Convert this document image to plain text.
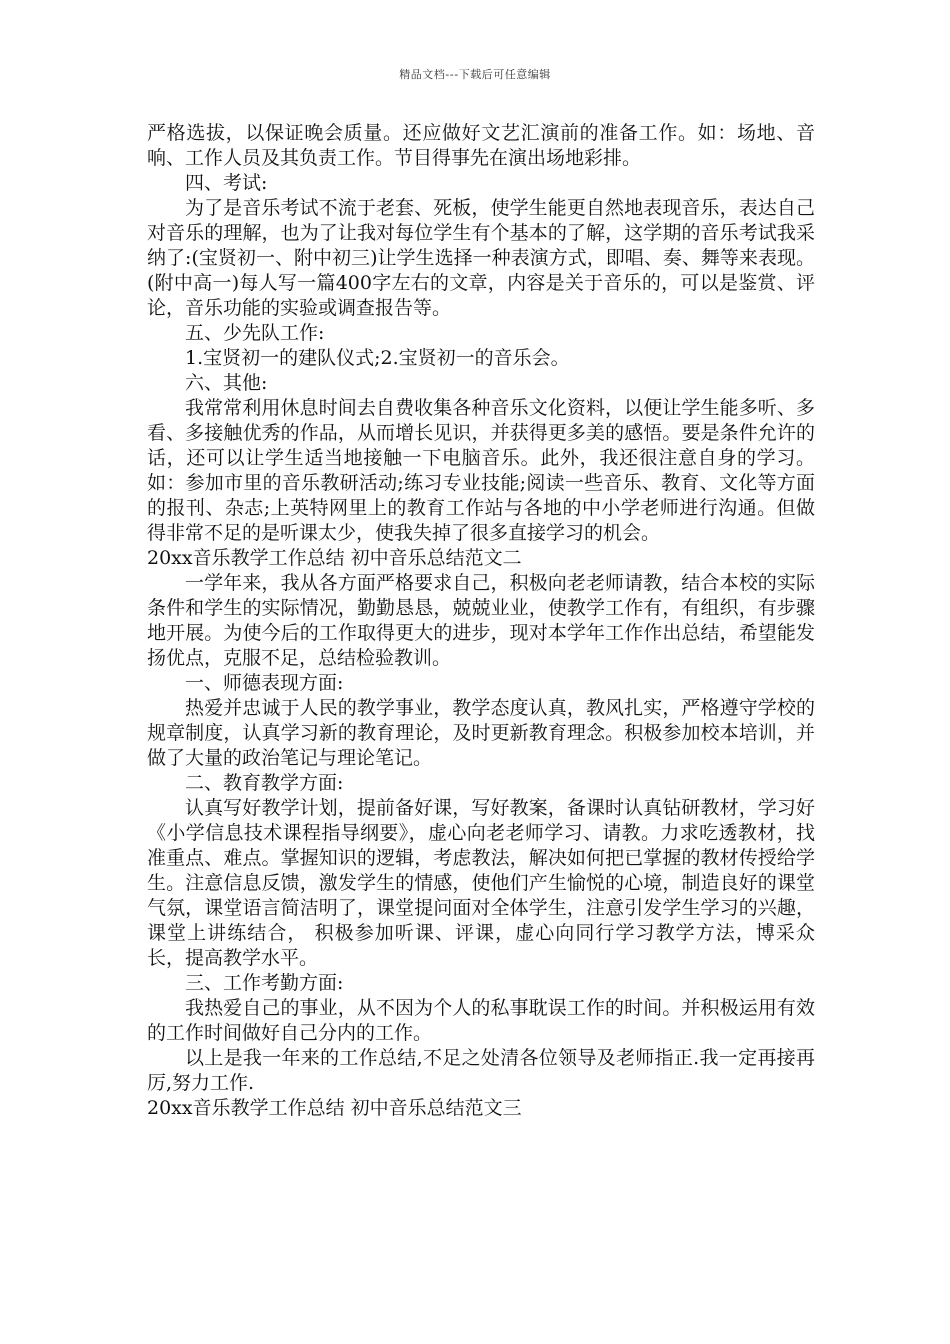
精品文档---下载后可任意编辑

严格选拔，以保证晚会质量。还应做好文艺汇演前的准备工作。如：场地、音响、工作人员及其负责工作。节目得事先在演出场地彩排。

四、考试:

为了是音乐考试不流于老套、死板，使学生能更自然地表现音乐，表达自己对音乐的理解，也为了让我对每位学生有个基本的了解，这学期的音乐考试我采纳了:(宝贤初一、附中初三)让学生选择一种表演方式，即唱、奏、舞等来表现。(附中高一)每人写一篇400字左右的文章，内容是关于音乐的，可以是鉴赏、评论，音乐功能的实验或调查报告等。

五、少先队工作:

1.宝贤初一的建队仪式;2.宝贤初一的音乐会。

六、其他:

我常常利用休息时间去自费收集各种音乐文化资料，以便让学生能多听、多看、多接触优秀的作品，从而增长见识，并获得更多美的感悟。要是条件允许的话，还可以让学生适当地接触一下电脑音乐。此外，我还很注意自身的学习。如：参加市里的音乐教研活动;练习专业技能;阅读一些音乐、教育、文化等方面的报刊、杂志;上英特网里上的教育工作站与各地的中小学老师进行沟通。但做得非常不足的是听课太少，使我失掉了很多直接学习的机会。

20xx音乐教学工作总结 初中音乐总结范文二

一学年来，我从各方面严格要求自己，积极向老老师请教，结合本校的实际条件和学生的实际情况，勤勤恳恳，兢兢业业，使教学工作有，有组织，有步骤地开展。为使今后的工作取得更大的进步，现对本学年工作作出总结，希望能发扬优点，克服不足，总结检验教训。

一、师德表现方面:

热爱并忠诚于人民的教学事业，教学态度认真，教风扎实，严格遵守学校的规章制度，认真学习新的教育理论，及时更新教育理念。积极参加校本培训，并做了大量的政治笔记与理论笔记。

二、教育教学方面:

认真写好教学计划，提前备好课，写好教案，备课时认真钻研教材，学习好《小学信息技术课程指导纲要》，虚心向老老师学习、请教。力求吃透教材，找准重点、难点。掌握知识的逻辑，考虑教法，解决如何把已掌握的教材传授给学生。注意信息反馈，激发学生的情感，使他们产生愉悦的心境，制造良好的课堂气氛，课堂语言简洁明了，课堂提问面对全体学生，注意引发学生学习的兴趣，课堂上讲练结合， 积极参加听课、评课，虚心向同行学习教学方法，博采众长，提高教学水平。

三、工作考勤方面:

我热爱自己的事业，从不因为个人的私事耽误工作的时间。并积极运用有效的工作时间做好自己分内的工作。

以上是我一年来的工作总结,不足之处清各位领导及老师指正.我一定再接再厉,努力工作.

20xx音乐教学工作总结 初中音乐总结范文三
